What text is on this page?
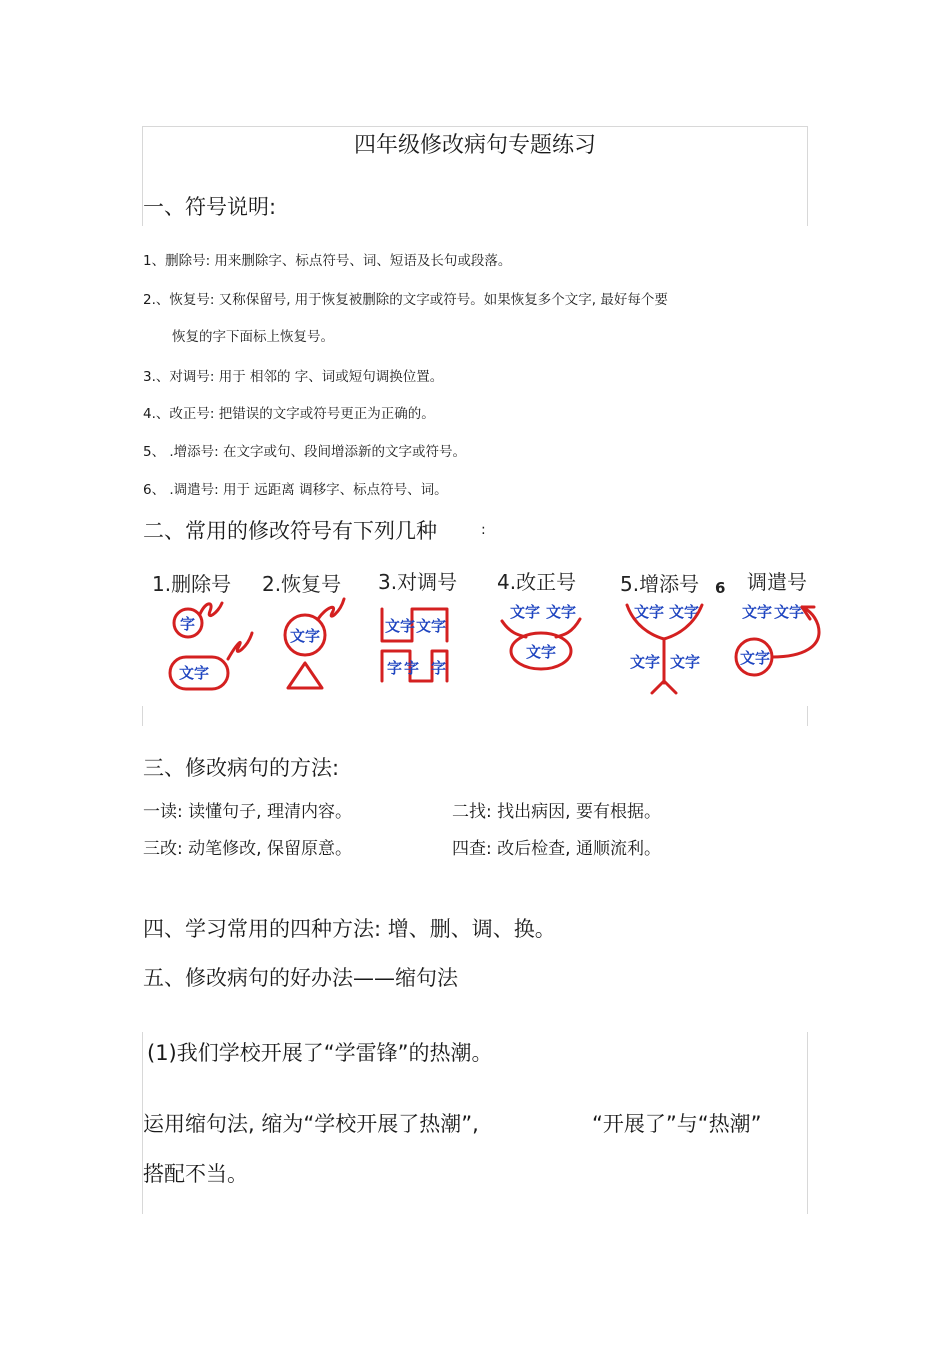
四年级修改病句专题练习
一、符号说明:
1、删除号: 用来删除字、标点符号、词、短语及长句或段落。
2.、恢复号: 又称保留号, 用于恢复被删除的文字或符号。如果恢复多个文字, 最好每个要
恢复的字下面标上恢复号。
3.、对调号: 用于 相邻的 字、词或短句调换位置。
4.、改正号: 把错误的文字或符号更正为正确的。
5、 .增添号: 在文字或句、段间增添新的文字或符号。
6、 .调遣号: 用于 远距离 调移字、标点符号、词。
二、常用的修改符号有下列几种	:
1.删除号 2.恢复号 3.对调号 4.改正号 5.增添号 6 调遣号
字
文字
文字
文字 文字
字 字 字
文字 文字
文字
文字 文字
文字 文字
文字 文字
文字
三、修改病句的方法:
一读: 读懂句子, 理清内容。	二找: 找出病因, 要有根据。
三改: 动笔修改, 保留原意。	四查: 改后检查, 通顺流利。
四、学习常用的四种方法: 增、删、调、换。
五、修改病句的好办法——缩句法
(1)我们学校开展了“学雷锋”的热潮。
运用缩句法, 缩为“学校开展了热潮”,	“开展了”与“热潮”
搭配不当。
